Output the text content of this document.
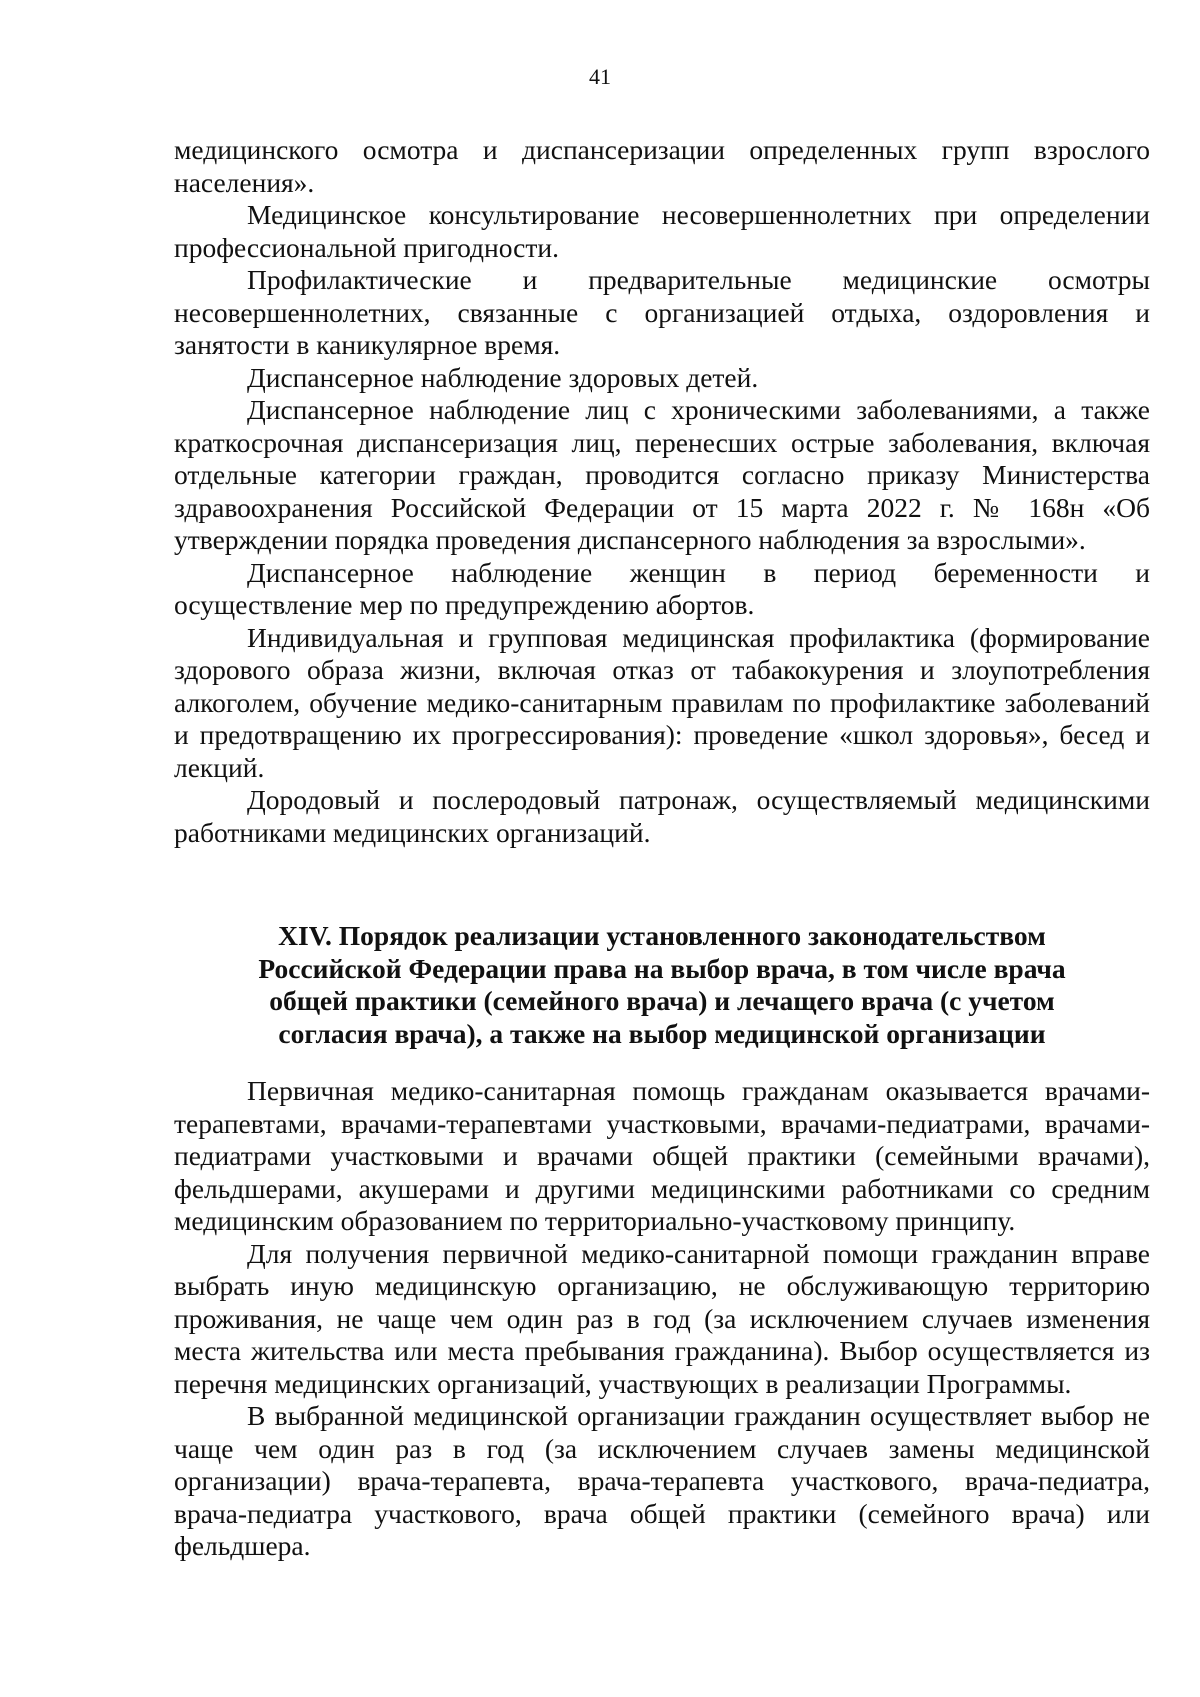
41

медицинского осмотра и диспансеризации определенных групп взрослого населения».

Медицинское консультирование несовершеннолетних при определении профессиональной пригодности.

Профилактические и предварительные медицинские осмотры несовершеннолетних, связанные с организацией отдыха, оздоровления и занятости в каникулярное время.

Диспансерное наблюдение здоровых детей.

Диспансерное наблюдение лиц с хроническими заболеваниями, а также краткосрочная диспансеризация лиц, перенесших острые заболевания, включая отдельные категории граждан, проводится согласно приказу Министерства здравоохранения Российской Федерации от 15 марта 2022 г. № 168н «Об утверждении порядка проведения диспансерного наблюдения за взрослыми».

Диспансерное наблюдение женщин в период беременности и осуществление мер по предупреждению абортов.

Индивидуальная и групповая медицинская профилактика (формирование здорового образа жизни, включая отказ от табакокурения и злоупотребления алкоголем, обучение медико-санитарным правилам по профилактике заболеваний и предотвращению их прогрессирования): проведение «школ здоровья», бесед и лекций.

Дородовый и послеродовый патронаж, осуществляемый медицинскими работниками медицинских организаций.

XIV. Порядок реализации установленного законодательством
Российской Федерации права на выбор врача, в том числе врача
общей практики (семейного врача) и лечащего врача (с учетом
согласия врача), а также на выбор медицинской организации

Первичная медико-санитарная помощь гражданам оказывается врачами-терапевтами, врачами-терапевтами участковыми, врачами-педиатрами, врачами-педиатрами участковыми и врачами общей практики (семейными врачами), фельдшерами, акушерами и другими медицинскими работниками со средним медицинским образованием по территориально-участковому принципу.

Для получения первичной медико-санитарной помощи гражданин вправе выбрать иную медицинскую организацию, не обслуживающую территорию проживания, не чаще чем один раз в год (за исключением случаев изменения места жительства или места пребывания гражданина). Выбор осуществляется из перечня медицинских организаций, участвующих в реализации Программы.

В выбранной медицинской организации гражданин осуществляет выбор не чаще чем один раз в год (за исключением случаев замены медицинской организации) врача-терапевта, врача-терапевта участкового, врача-педиатра, врача-педиатра участкового, врача общей практики (семейного врача) или фельдшера.
